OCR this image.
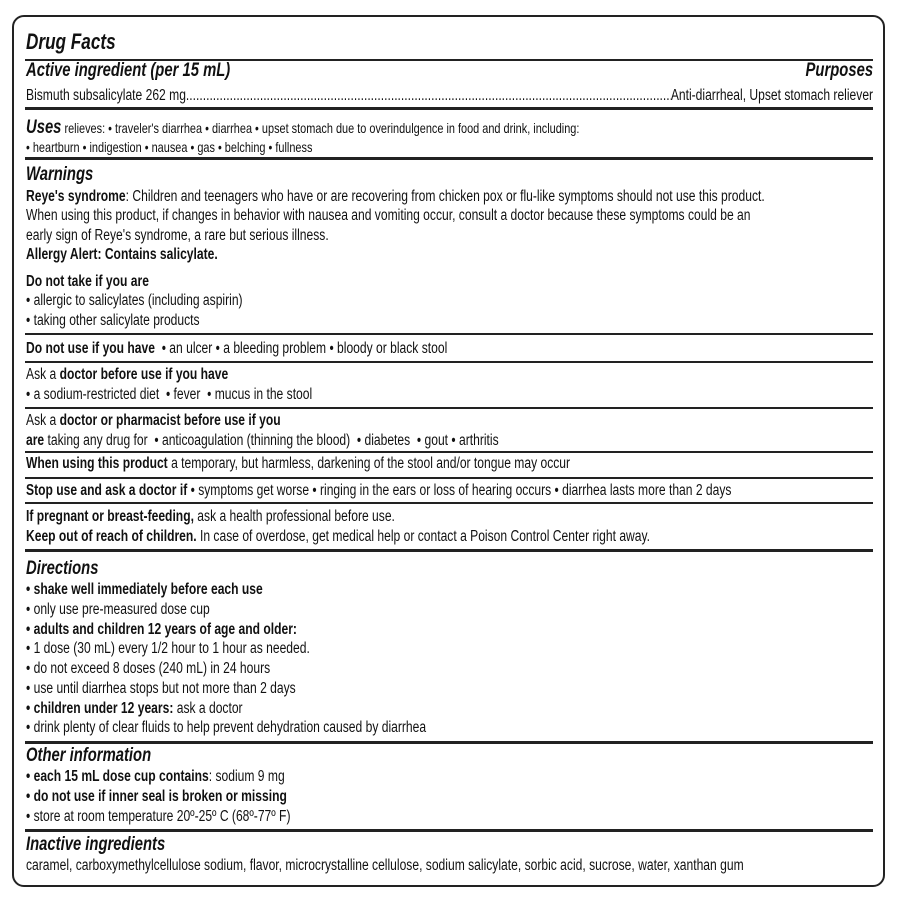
Drug Facts
Active ingredient (per 15 mL)	Purposes
Bismuth subsalicylate 262 mg .....	Anti-diarrheal, Upset stomach reliever
Uses relieves: • traveler's diarrhea • diarrhea • upset stomach due to overindulgence in food and drink, including:
• heartburn • indigestion • nausea • gas • belching • fullness
Warnings
Reye's syndrome: Children and teenagers who have or are recovering from chicken pox or flu-like symptoms should not use this product.
When using this product, if changes in behavior with nausea and vomiting occur, consult a doctor because these symptoms could be an
early sign of Reye's syndrome, a rare but serious illness.
Allergy Alert: Contains salicylate.
Do not take if you are
• allergic to salicylates (including aspirin)
• taking other salicylate products
Do not use if you have  • an ulcer • a bleeding problem • bloody or black stool
Ask a doctor before use if you have
• a sodium-restricted diet  • fever  • mucus in the stool
Ask a doctor or pharmacist before use if you
are taking any drug for  • anticoagulation (thinning the blood)  • diabetes  • gout • arthritis
When using this product a temporary, but harmless, darkening of the stool and/or tongue may occur
Stop use and ask a doctor if • symptoms get worse • ringing in the ears or loss of hearing occurs • diarrhea lasts more than 2 days
If pregnant or breast-feeding, ask a health professional before use.
Keep out of reach of children. In case of overdose, get medical help or contact a Poison Control Center right away.
Directions
• shake well immediately before each use
• only use pre-measured dose cup
• adults and children 12 years of age and older:
• 1 dose (30 mL) every 1/2 hour to 1 hour as needed.
• do not exceed 8 doses (240 mL) in 24 hours
• use until diarrhea stops but not more than 2 days
• children under 12 years: ask a doctor
• drink plenty of clear fluids to help prevent dehydration caused by diarrhea
Other information
• each 15 mL dose cup contains: sodium 9 mg
• do not use if inner seal is broken or missing
• store at room temperature 20º-25º C (68º-77º F)
Inactive ingredients
caramel, carboxymethylcellulose sodium, flavor, microcrystalline cellulose, sodium salicylate, sorbic acid, sucrose, water, xanthan gum
